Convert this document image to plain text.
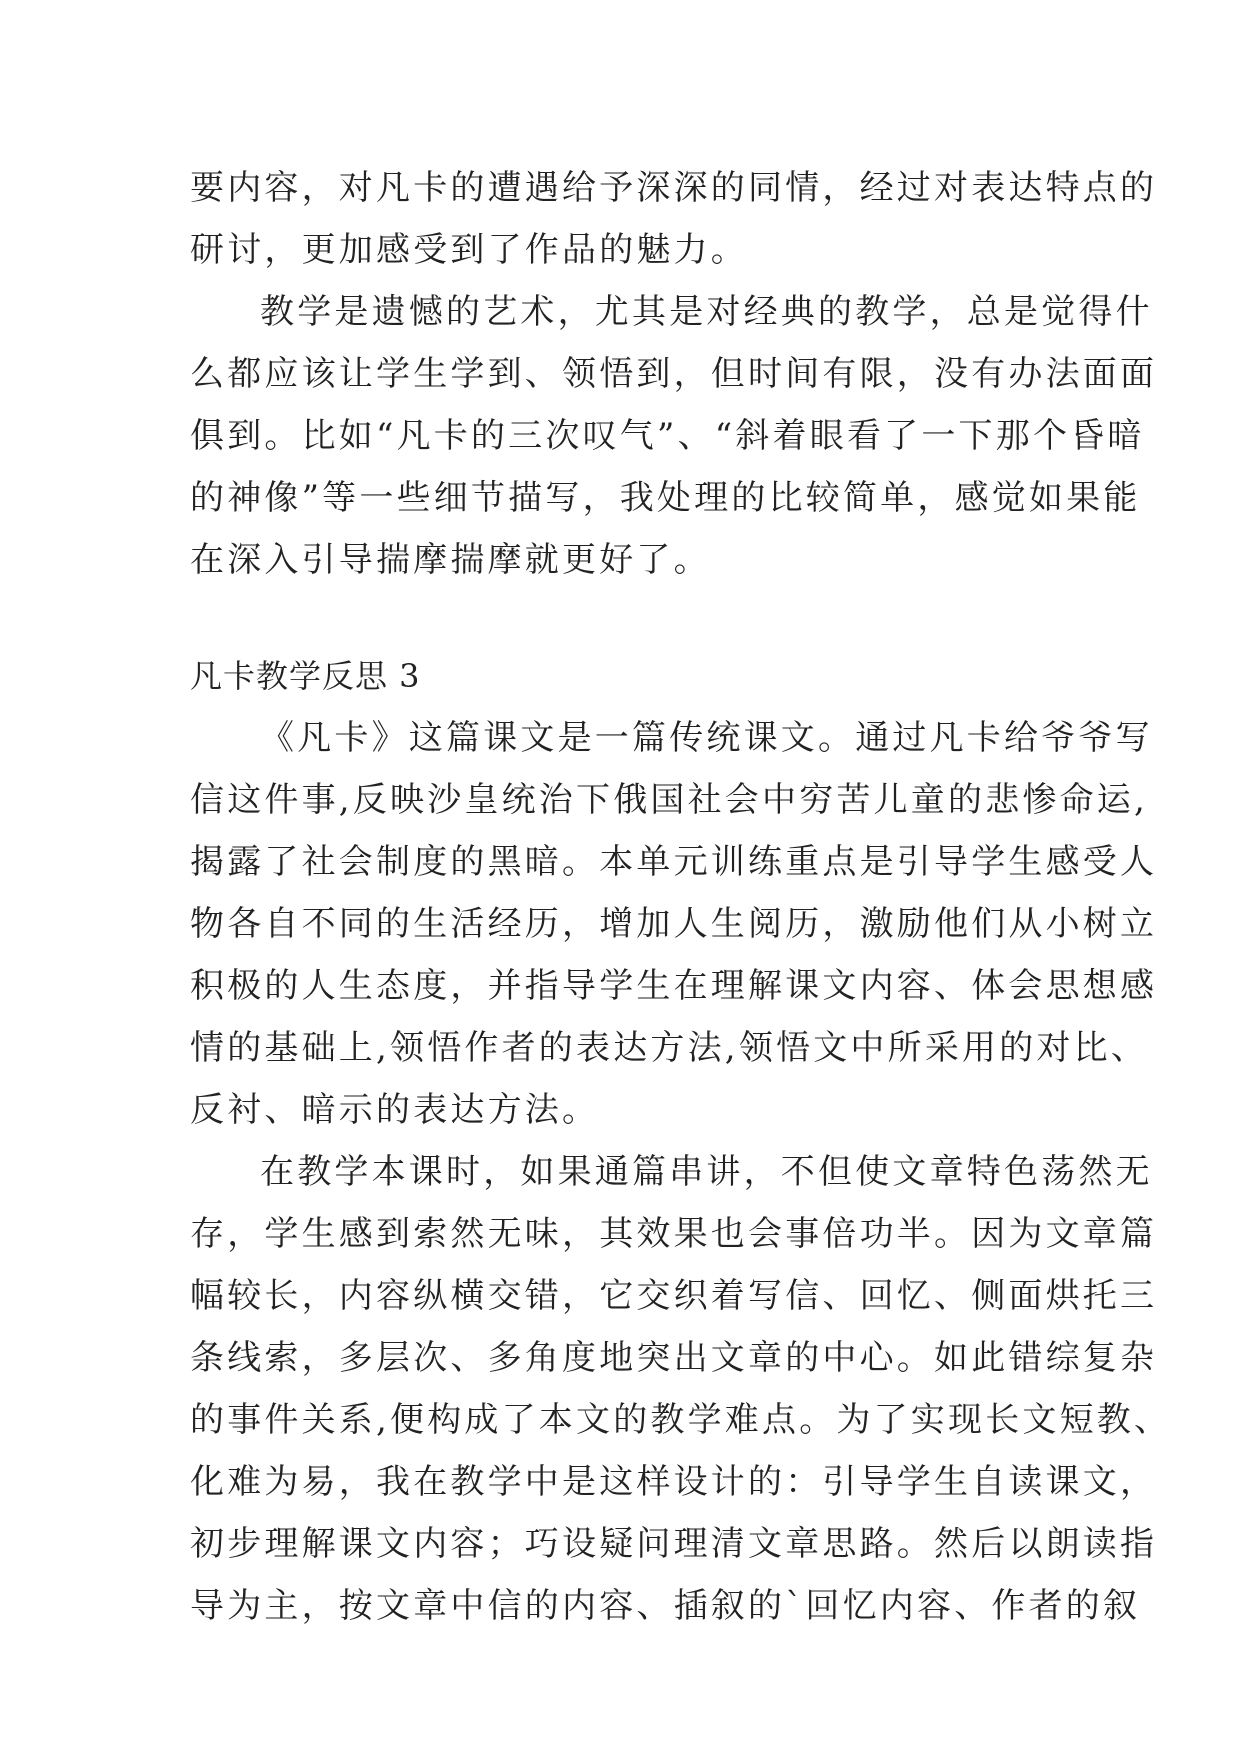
要内容，对凡卡的遭遇给予深深的同情，经过对表达特点的
研讨，更加感受到了作品的魅力。
教学是遗憾的艺术，尤其是对经典的教学，总是觉得什
么都应该让学生学到、领悟到，但时间有限，没有办法面面
俱到。比如“凡卡的三次叹气”、“斜着眼看了一下那个昏暗
的神像”等一些细节描写，我处理的比较简单，感觉如果能
在深入引导揣摩揣摩就更好了。
凡卡教学反思 3
《凡卡》这篇课文是一篇传统课文。通过凡卡给爷爷写
信这件事,反映沙皇统治下俄国社会中穷苦儿童的悲惨命运,
揭露了社会制度的黑暗。本单元训练重点是引导学生感受人
物各自不同的生活经历，增加人生阅历，激励他们从小树立
积极的人生态度，并指导学生在理解课文内容、体会思想感
情的基础上,领悟作者的表达方法,领悟文中所采用的对比、
反衬、暗示的表达方法。
在教学本课时，如果通篇串讲，不但使文章特色荡然无
存，学生感到索然无味，其效果也会事倍功半。因为文章篇
幅较长，内容纵横交错，它交织着写信、回忆、侧面烘托三
条线索，多层次、多角度地突出文章的中心。如此错综复杂
的事件关系,便构成了本文的教学难点。为了实现长文短教、
化难为易，我在教学中是这样设计的：引导学生自读课文，
初步理解课文内容；巧设疑问理清文章思路。然后以朗读指
导为主，按文章中信的内容、插叙的`回忆内容、作者的叙
